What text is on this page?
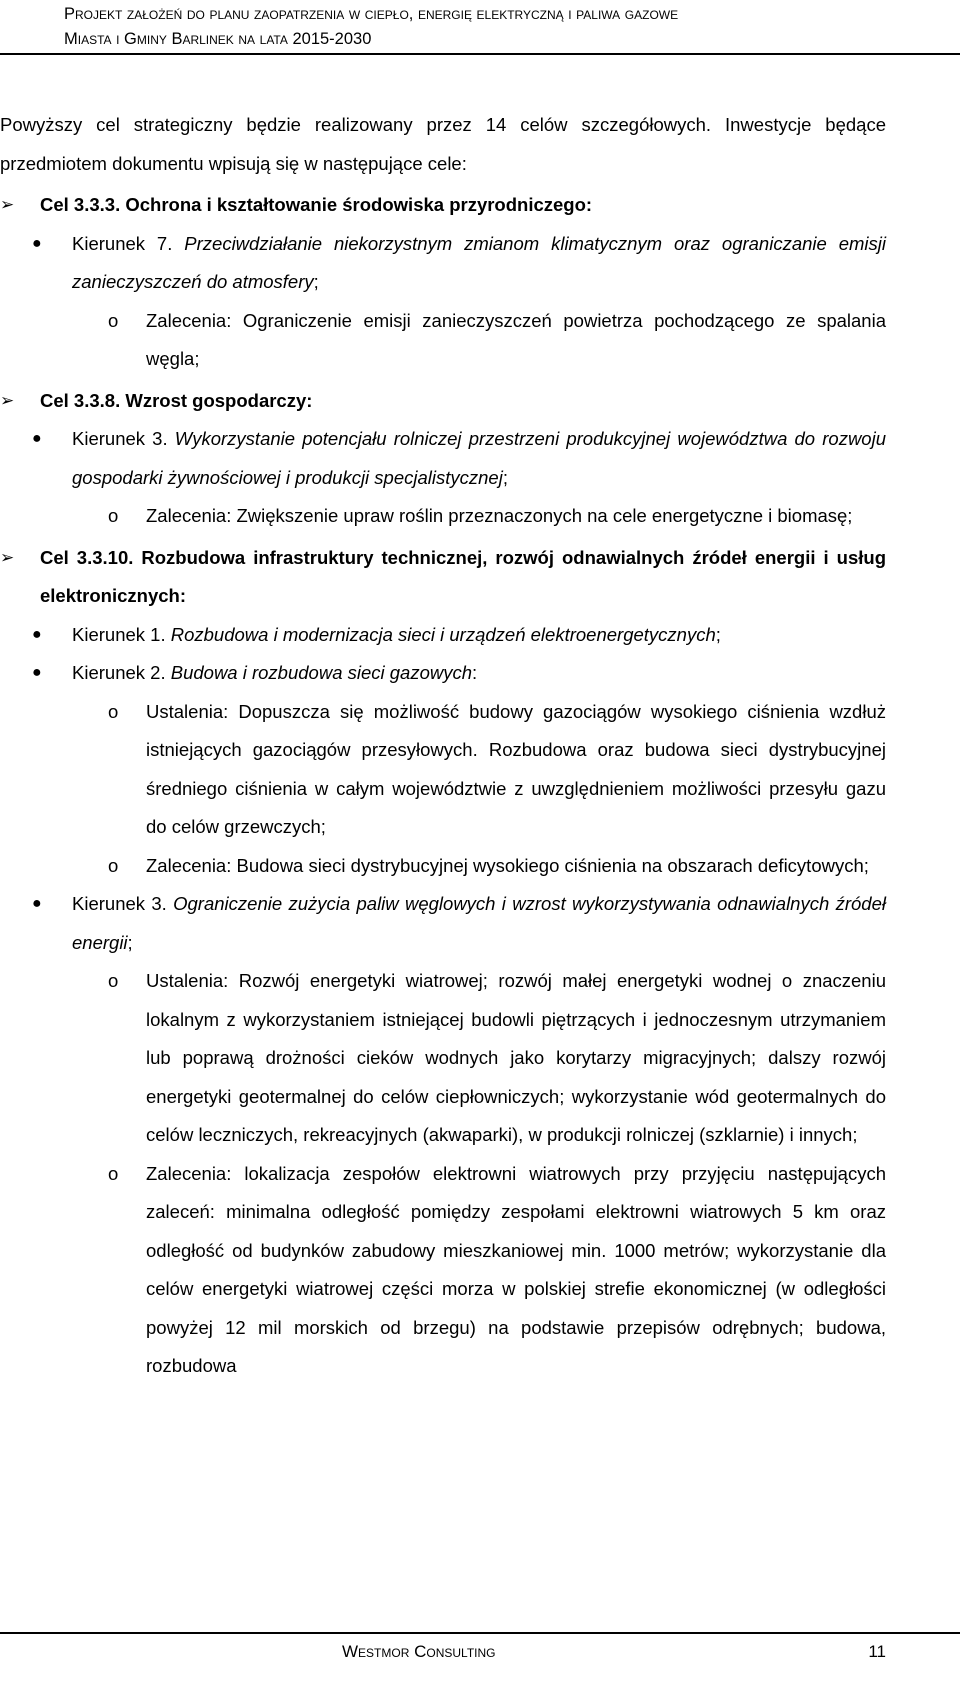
Projekt założeń do planu zaopatrzenia w ciepło, energię elektryczną i paliwa gazowe
Miasta i Gminy Barlinek na lata 2015-2030

Powyższy cel strategiczny będzie realizowany przez 14 celów szczegółowych. Inwestycje będące przedmiotem dokumentu wpisują się w następujące cele:

➢ Cel 3.3.3. Ochrona i kształtowanie środowiska przyrodniczego:
● Kierunek 7. Przeciwdziałanie niekorzystnym zmianom klimatycznym oraz ograniczanie emisji zanieczyszczeń do atmosfery;
o Zalecenia: Ograniczenie emisji zanieczyszczeń powietrza pochodzącego ze spalania węgla;
➢ Cel 3.3.8. Wzrost gospodarczy:
● Kierunek 3. Wykorzystanie potencjału rolniczej przestrzeni produkcyjnej województwa do rozwoju gospodarki żywnościowej i produkcji specjalistycznej;
o Zalecenia: Zwiększenie upraw roślin przeznaczonych na cele energetyczne i biomasę;
➢ Cel 3.3.10. Rozbudowa infrastruktury technicznej, rozwój odnawialnych źródeł energii i usług elektronicznych:
● Kierunek 1. Rozbudowa i modernizacja sieci i urządzeń elektroenergetycznych;
● Kierunek 2. Budowa i rozbudowa sieci gazowych:
o Ustalenia: Dopuszcza się możliwość budowy gazociągów wysokiego ciśnienia wzdłuż istniejących gazociągów przesyłowych. Rozbudowa oraz budowa sieci dystrybucyjnej średniego ciśnienia w całym województwie z uwzględnieniem możliwości przesyłu gazu do celów grzewczych;
o Zalecenia: Budowa sieci dystrybucyjnej wysokiego ciśnienia na obszarach deficytowych;
● Kierunek 3. Ograniczenie zużycia paliw węglowych i wzrost wykorzystywania odnawialnych źródeł energii;
o Ustalenia: Rozwój energetyki wiatrowej; rozwój małej energetyki wodnej o znaczeniu lokalnym z wykorzystaniem istniejącej budowli piętrzących i jednoczesnym utrzymaniem lub poprawą drożności cieków wodnych jako korytarzy migracyjnych; dalszy rozwój energetyki geotermalnej do celów ciepłowniczych; wykorzystanie wód geotermalnych do celów leczniczych, rekreacyjnych (akwaparki), w produkcji rolniczej (szklarnie) i innych;
o Zalecenia: lokalizacja zespołów elektrowni wiatrowych przy przyjęciu następujących zaleceń: minimalna odległość pomiędzy zespołami elektrowni wiatrowych 5 km oraz odległość od budynków zabudowy mieszkaniowej min. 1000 metrów; wykorzystanie dla celów energetyki wiatrowej części morza w polskiej strefie ekonomicznej (w odległości powyżej 12 mil morskich od brzegu) na podstawie przepisów odrębnych; budowa, rozbudowa
Westmor Consulting	11
